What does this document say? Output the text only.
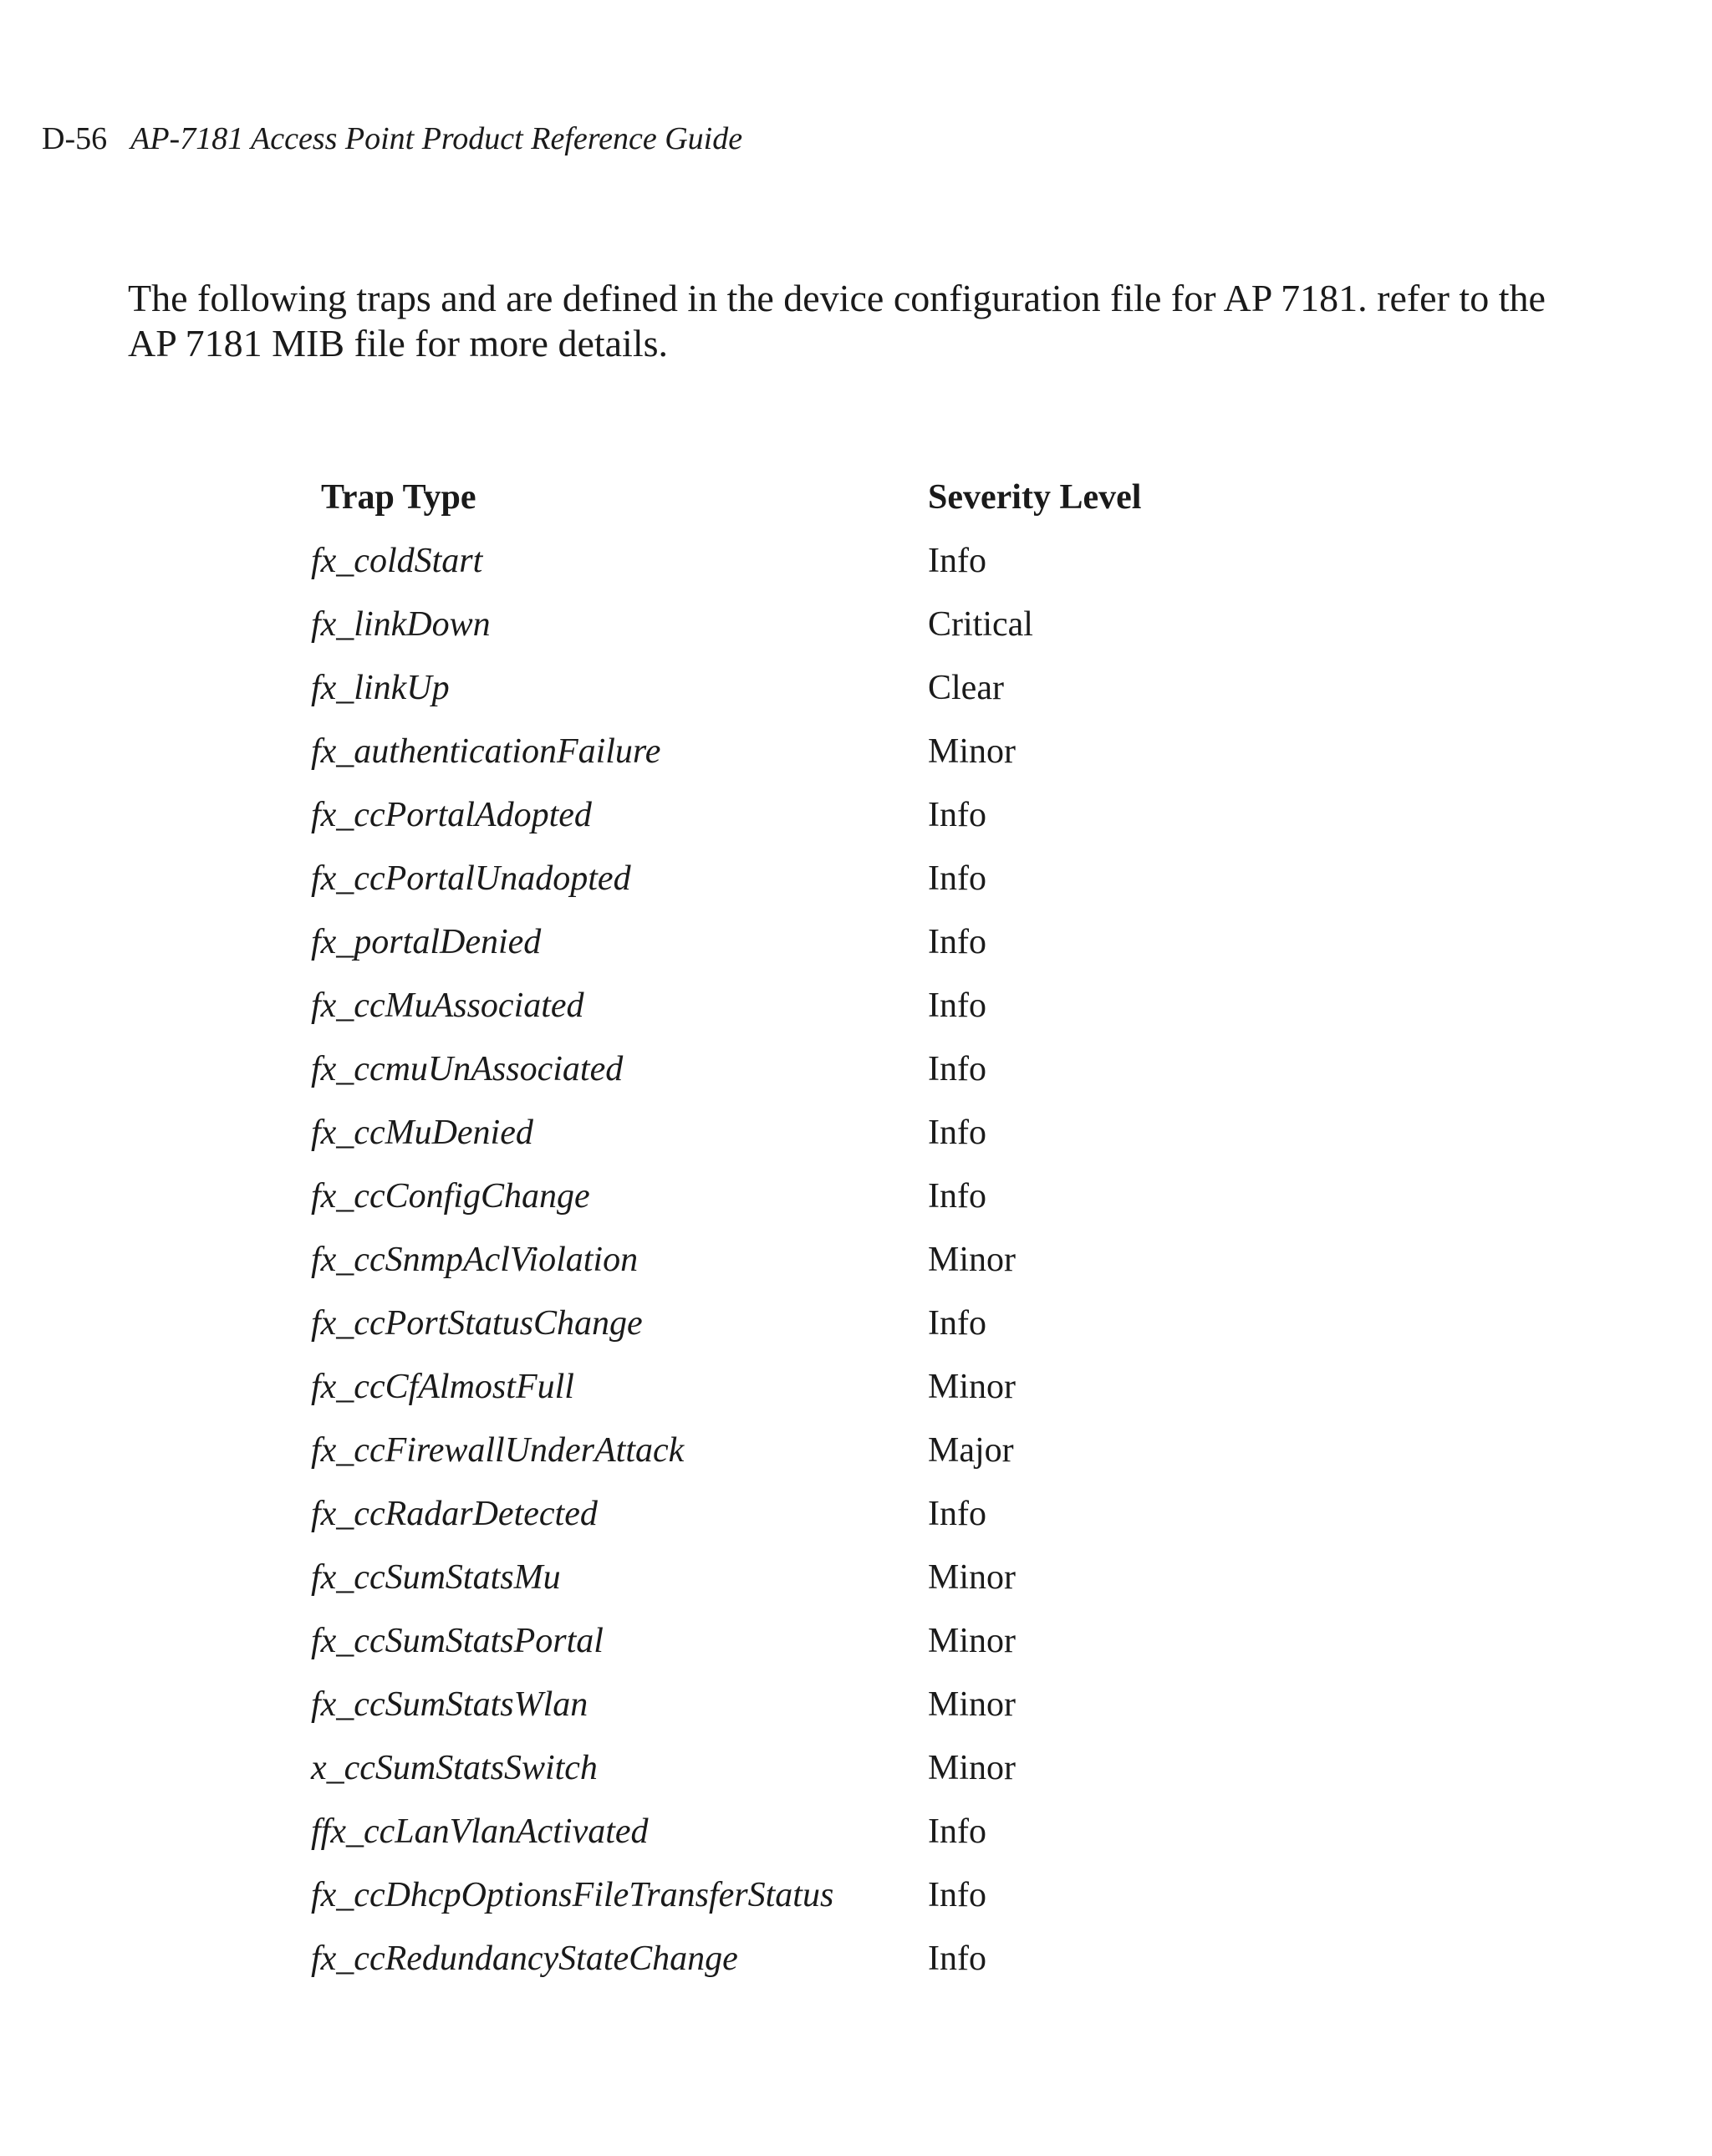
D-56 AP-7181 Access Point Product Reference Guide

The following traps and are defined in the device configuration file for AP 7181. refer to the AP 7181 MIB file for more details.

Trap Type	Severity Level
fx_coldStart	Info
fx_linkDown	Critical
fx_linkUp	Clear
fx_authenticationFailure	Minor
fx_ccPortalAdopted	Info
fx_ccPortalUnadopted	Info
fx_portalDenied	Info
fx_ccMuAssociated	Info
fx_ccmuUnAssociated	Info
fx_ccMuDenied	Info
fx_ccConfigChange	Info
fx_ccSnmpAclViolation	Minor
fx_ccPortStatusChange	Info
fx_ccCfAlmostFull	Minor
fx_ccFirewallUnderAttack	Major
fx_ccRadarDetected	Info
fx_ccSumStatsMu	Minor
fx_ccSumStatsPortal	Minor
fx_ccSumStatsWlan	Minor
x_ccSumStatsSwitch	Minor
ffx_ccLanVlanActivated	Info
fx_ccDhcpOptionsFileTransferStatus	Info
fx_ccRedundancyStateChange	Info
